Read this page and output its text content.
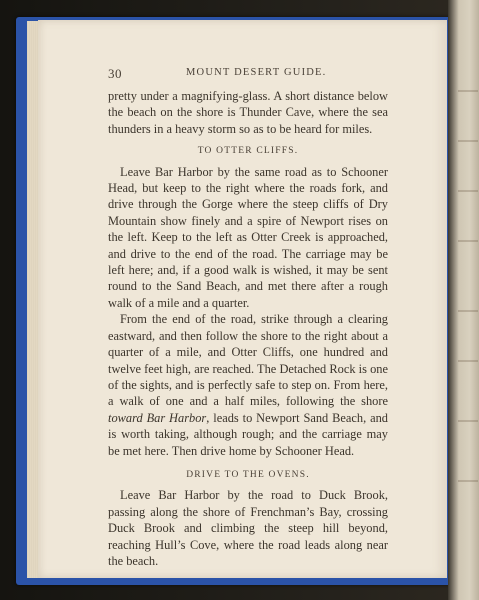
30	MOUNT DESERT GUIDE.

pretty under a magnifying-glass. A short distance below the beach on the shore is Thunder Cave, where the sea thunders in a heavy storm so as to be heard for miles.

TO OTTER CLIFFS.

Leave Bar Harbor by the same road as to Schooner Head, but keep to the right where the roads fork, and drive through the Gorge where the steep cliffs of Dry Mountain show finely and a spire of Newport rises on the left. Keep to the left as Otter Creek is approached, and drive to the end of the road. The carriage may be left here; and, if a good walk is wished, it may be sent round to the Sand Beach, and met there after a rough walk of a mile and a quarter.

From the end of the road, strike through a clearing eastward, and then follow the shore to the right about a quarter of a mile, and Otter Cliffs, one hundred and twelve feet high, are reached. The Detached Rock is one of the sights, and is perfectly safe to step on. From here, a walk of one and a half miles, following the shore toward Bar Harbor, leads to Newport Sand Beach, and is worth taking, although rough; and the carriage may be met here. Then drive home by Schooner Head.

DRIVE TO THE OVENS.

Leave Bar Harbor by the road to Duck Brook, passing along the shore of Frenchman’s Bay, crossing Duck Brook and climbing the steep hill beyond, reaching Hull’s Cove, where the road leads along near the beach.
